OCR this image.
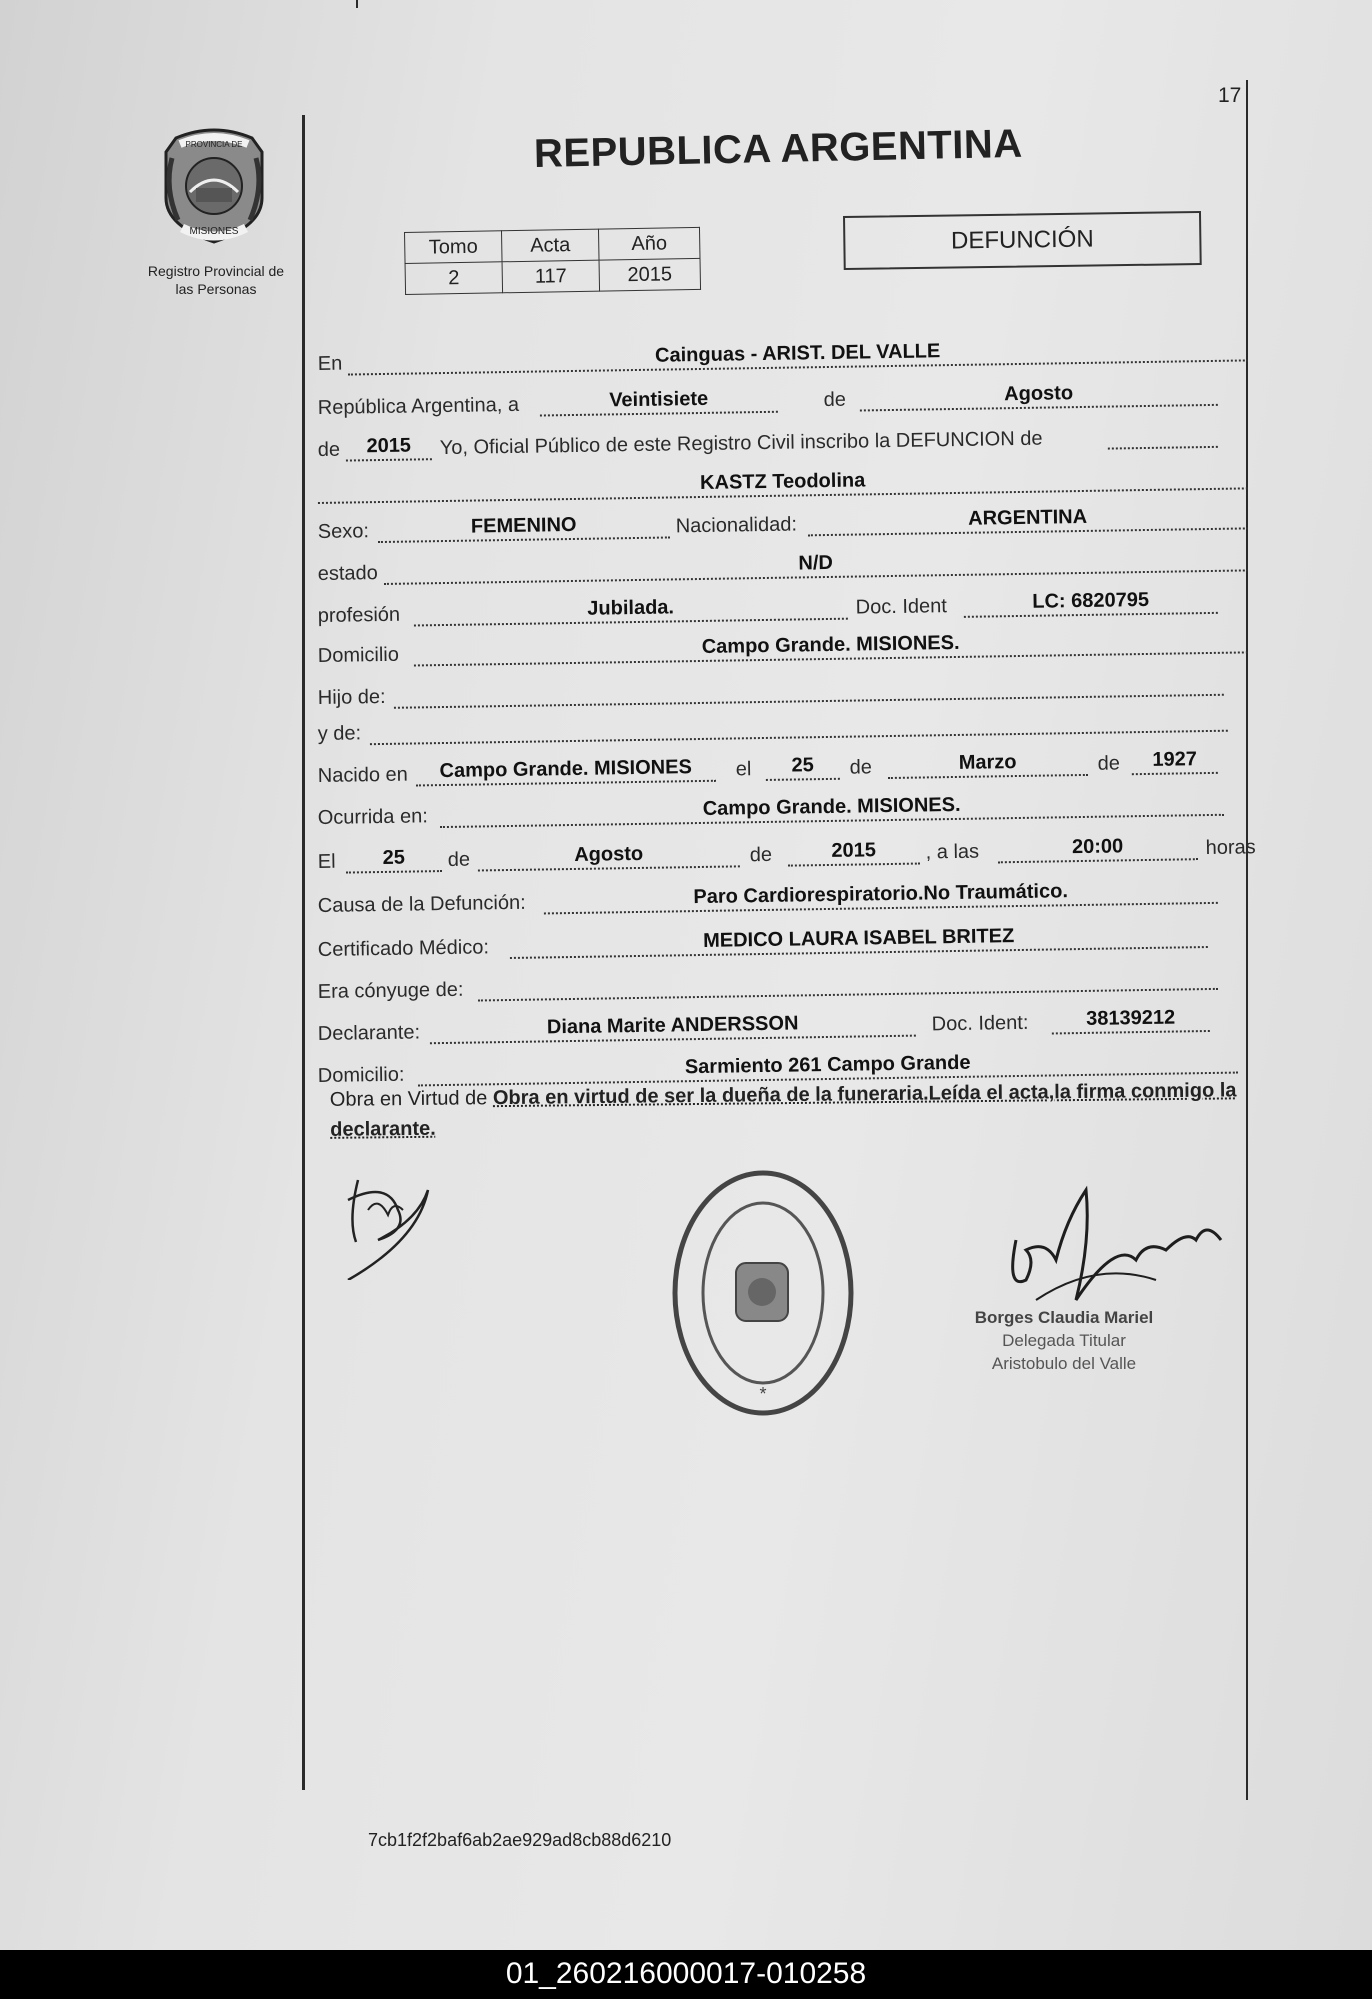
17
PROVINCIA DE
MISIONES
Registro Provincial de
las Personas
REPUBLICA ARGENTINA
Tomo	Acta	Año
2	117	2015
DEFUNCIÓN
En	Cainguas - ARIST. DEL VALLE
República Argentina, a	Veintisiete	de	Agosto
de	2015	Yo, Oficial Público de este Registro Civil inscribo la DEFUNCION de
KASTZ Teodolina
Sexo:	FEMENINO	Nacionalidad:	ARGENTINA
estado	N/D
profesión	Jubilada.	Doc. Ident	LC: 6820795
Domicilio	Campo Grande. MISIONES.
Hijo de:
y de:
Nacido en	Campo Grande. MISIONES	el	25	de	Marzo	de	1927
Ocurrida en:	Campo Grande. MISIONES.
El	25	de	Agosto	de	2015	, a las	20:00	horas
Causa de la Defunción:	Paro Cardiorespiratorio.No Traumático.
Certificado Médico:	MEDICO LAURA ISABEL BRITEZ
Era cónyuge de:
Declarante:	Diana Marite ANDERSSON	Doc. Ident:	38139212
Domicilio:	Sarmiento 261 Campo Grande
Obra en Virtud de Obra en virtud de ser la dueña de la funeraria.Leída el acta,la firma conmigo la declarante.
*
Borges Claudia Mariel
Delegada Titular
Aristobulo del Valle
7cb1f2f2baf6ab2ae929ad8cb88d6210
01_260216000017-010258
